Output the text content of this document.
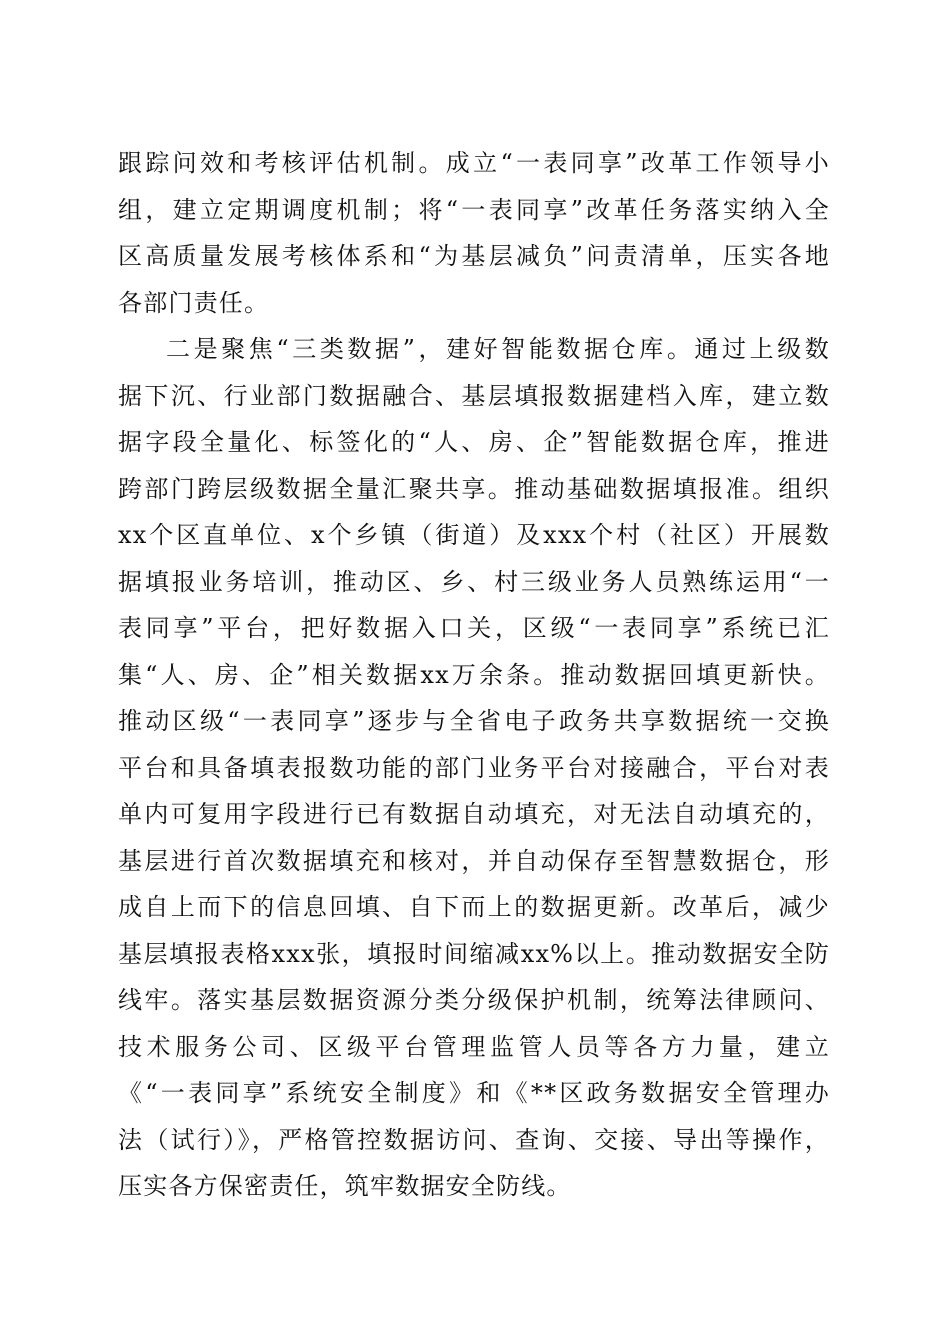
跟踪问效和考核评估机制。成立“一表同享”改革工作领导小
组，建立定期调度机制；将“一表同享”改革任务落实纳入全
区高质量发展考核体系和“为基层减负”问责清单，压实各地
各部门责任。
二是聚焦“三类数据”，建好智能数据仓库。通过上级数
据下沉、行业部门数据融合、基层填报数据建档入库，建立数
据字段全量化、标签化的“人、房、企”智能数据仓库，推进
跨部门跨层级数据全量汇聚共享。推动基础数据填报准。组织
xx个区直单位、x个乡镇（街道）及xxx个村（社区）开展数
据填报业务培训，推动区、乡、村三级业务人员熟练运用“一
表同享”平台，把好数据入口关，区级“一表同享”系统已汇
集“人、房、企”相关数据xx万余条。推动数据回填更新快。
推动区级“一表同享”逐步与全省电子政务共享数据统一交换
平台和具备填表报数功能的部门业务平台对接融合，平台对表
单内可复用字段进行已有数据自动填充，对无法自动填充的，
基层进行首次数据填充和核对，并自动保存至智慧数据仓，形
成自上而下的信息回填、自下而上的数据更新。改革后，减少
基层填报表格xxx张，填报时间缩减xx%以上。推动数据安全防
线牢。落实基层数据资源分类分级保护机制，统筹法律顾问、
技术服务公司、区级平台管理监管人员等各方力量，建立
《“一表同享”系统安全制度》和《**区政务数据安全管理办
法（试行）》，严格管控数据访问、查询、交接、导出等操作，
压实各方保密责任，筑牢数据安全防线。
